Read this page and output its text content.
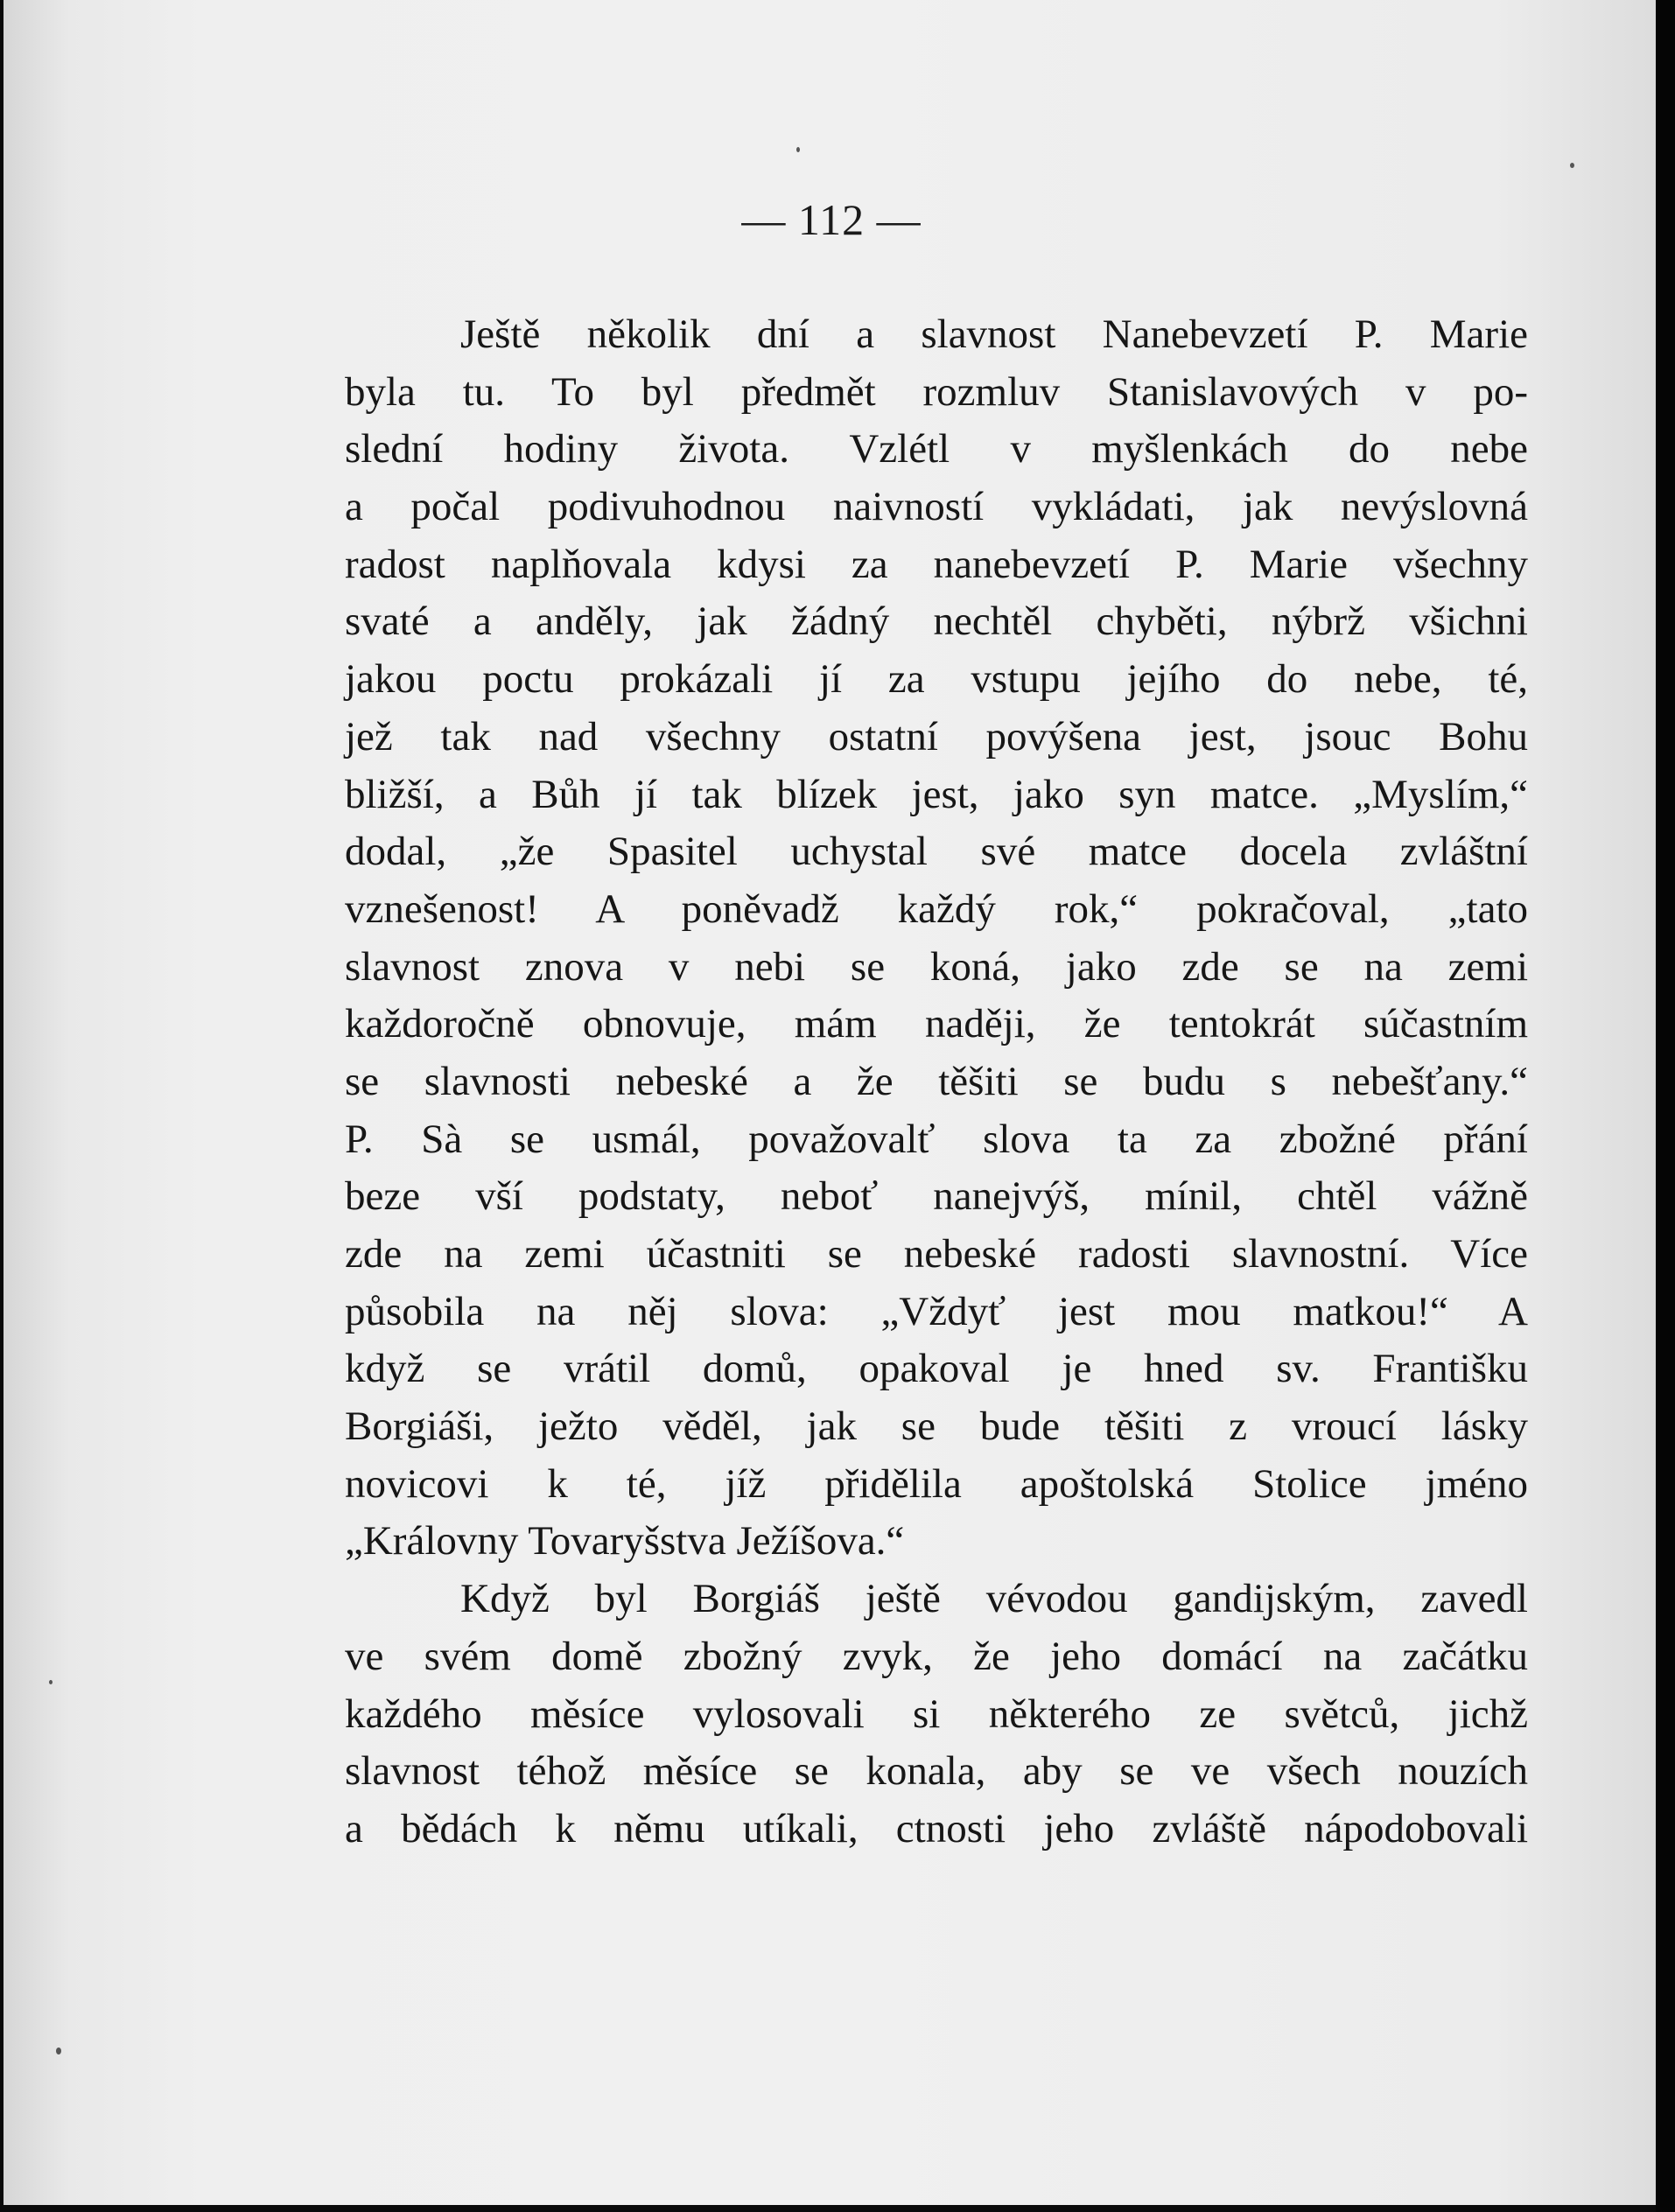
— 112 —
Ještě několik dní a slavnost Nanebevzetí P. Marie
byla tu. To byl předmět rozmluv Stanislavových v po-
slední hodiny života. Vzlétl v myšlenkách do nebe
a počal podivuhodnou naivností vykládati, jak nevýslovná
radost naplňovala kdysi za nanebevzetí P. Marie všechny
svaté a anděly, jak žádný nechtěl chyběti, nýbrž všichni
jakou poctu prokázali jí za vstupu jejího do nebe, té,
jež tak nad všechny ostatní povýšena jest, jsouc Bohu
bližší, a Bůh jí tak blízek jest, jako syn matce. „Myslím,“
dodal, „že Spasitel uchystal své matce docela zvláštní
vznešenost! A poněvadž každý rok,“ pokračoval, „tato
slavnost znova v nebi se koná, jako zde se na zemi
každoročně obnovuje, mám naději, že tentokrát súčastním
se slavnosti nebeské a že těšiti se budu s nebešťany.“
P. Sà se usmál, považovalť slova ta za zbožné přání
beze vší podstaty, neboť nanejvýš, mínil, chtěl vážně
zde na zemi účastniti se nebeské radosti slavnostní. Více
působila na něj slova: „Vždyť jest mou matkou!“ A
když se vrátil domů, opakoval je hned sv. Františku
Borgiáši, ježto věděl, jak se bude těšiti z vroucí lásky
novicovi k té, jíž přidělila apoštolská Stolice jméno
„Královny Tovaryšstva Ježíšova.“
Když byl Borgiáš ještě vévodou gandijským, zavedl
ve svém domě zbožný zvyk, že jeho domácí na začátku
každého měsíce vylosovali si některého ze světců, jichž
slavnost téhož měsíce se konala, aby se ve všech nouzích
a bědách k němu utíkali, ctnosti jeho zvláště nápodobovali
